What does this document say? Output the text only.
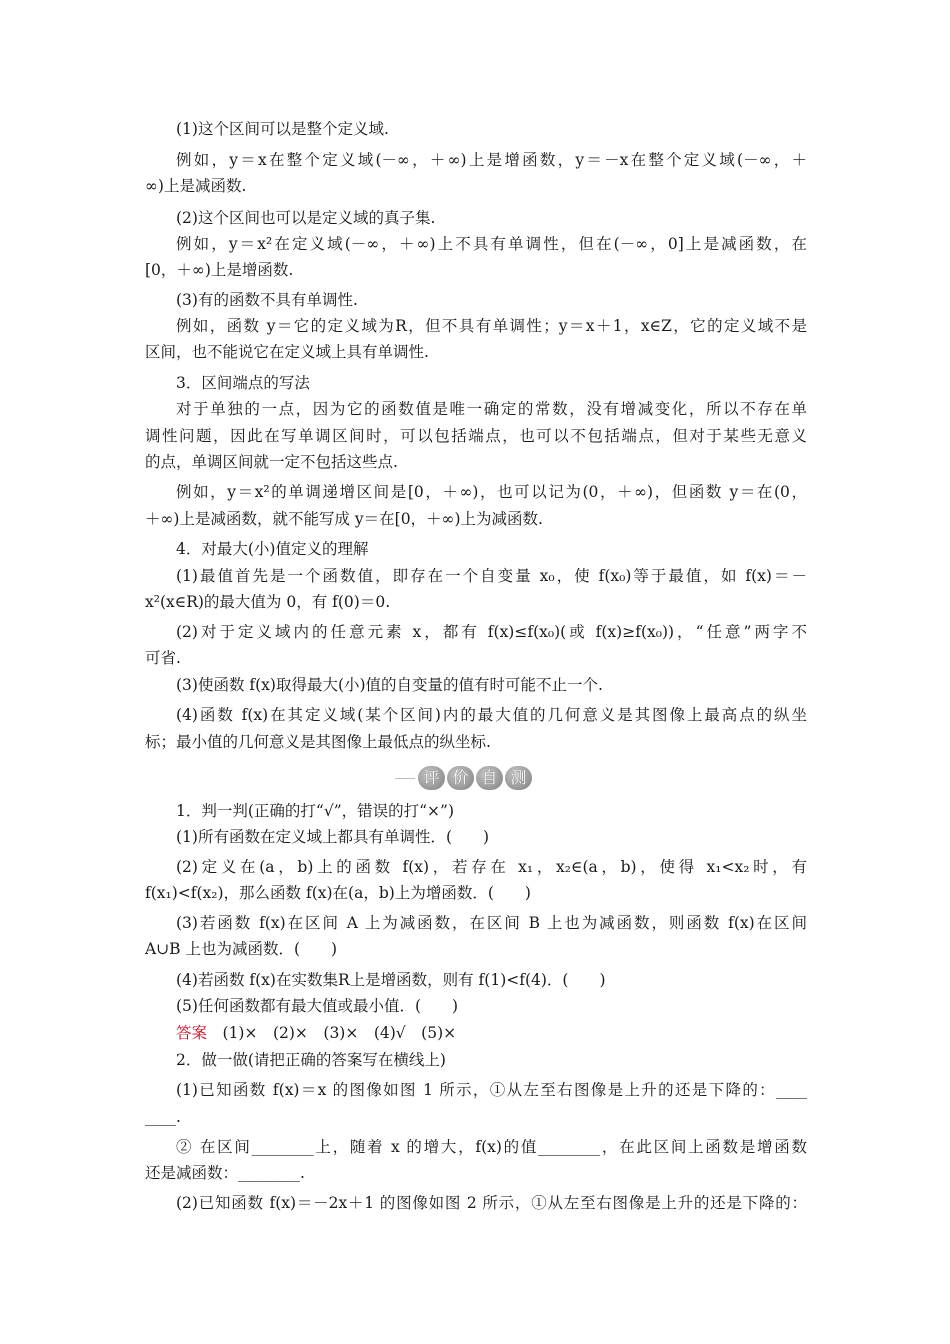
(1)这个区间可以是整个定义域.
例如，y＝x在整个定义域(－∞，＋∞)上是增函数，y＝－x在整个定义域(－∞，＋
∞)上是减函数.
(2)这个区间也可以是定义域的真子集.
例如，y＝x²在定义域(－∞，＋∞)上不具有单调性，但在(－∞，0]上是减函数，在
[0，＋∞)上是增函数.
(3)有的函数不具有单调性.
例如，函数 y＝它的定义域为R，但不具有单调性；y＝x＋1，x∈Z，它的定义域不是
区间，也不能说它在定义域上具有单调性.
3．区间端点的写法
对于单独的一点，因为它的函数值是唯一确定的常数，没有增减变化，所以不存在单
调性问题，因此在写单调区间时，可以包括端点，也可以不包括端点，但对于某些无意义
的点，单调区间就一定不包括这些点.
例如，y＝x²的单调递增区间是[0，＋∞)，也可以记为(0，＋∞)，但函数 y＝在(0，
＋∞)上是减函数，就不能写成 y＝在[0，＋∞)上为减函数.
4．对最大(小)值定义的理解
(1)最值首先是一个函数值，即存在一个自变量 x₀，使 f(x₀)等于最值，如 f(x)＝－
x²(x∈R)的最大值为 0，有 f(0)＝0.
(2)对于定义域内的任意元素 x，都有 f(x)≤f(x₀)(或 f(x)≥f(x₀))，“任意”两字不
可省.
(3)使函数 f(x)取得最大(小)值的自变量的值有时可能不止一个.
(4)函数 f(x)在其定义域(某个区间)内的最大值的几何意义是其图像上最高点的纵坐
标；最小值的几何意义是其图像上最低点的纵坐标.
评 价 自 测
1．判一判(正确的打“√”，错误的打“×”)
(1)所有函数在定义域上都具有单调性．(　　)
(2)定义在(a，b)上的函数 f(x)，若存在 x₁，x₂∈(a，b)，使得 x₁<x₂时，有
f(x₁)<f(x₂)，那么函数 f(x)在(a，b)上为增函数．(　　)
(3)若函数 f(x)在区间 A 上为减函数，在区间 B 上也为减函数，则函数 f(x)在区间
A∪B 上也为减函数．(　　)
(4)若函数 f(x)在实数集R上是增函数，则有 f(1)<f(4)．(　　)
(5)任何函数都有最大值或最小值．(　　)
答案　(1)×　(2)×　(3)×　(4)√　(5)×
2．做一做(请把正确的答案写在横线上)
(1)已知函数 f(x)＝x 的图像如图 1 所示，①从左至右图像是上升的还是下降的：____
____.
② 在区间________上，随着 x 的增大，f(x)的值________，在此区间上函数是增函数
还是减函数：________.
(2)已知函数 f(x)＝－2x＋1 的图像如图 2 所示，①从左至右图像是上升的还是下降的：
